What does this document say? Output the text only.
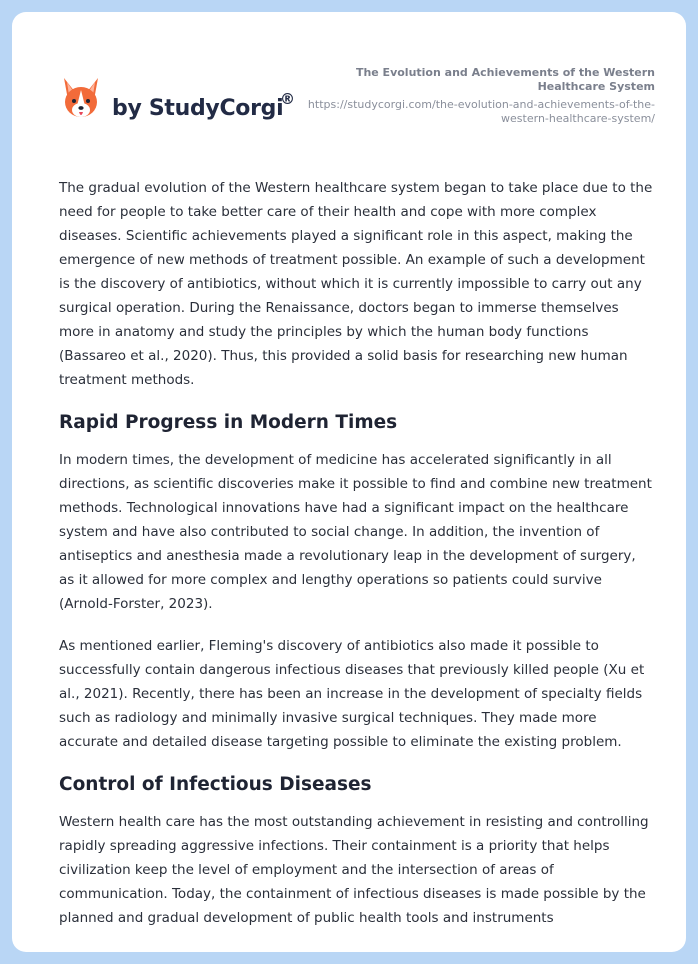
by StudyCorgi
®
The Evolution and Achievements of the Western Healthcare System
https://studycorgi.com/the-evolution-and-achievements-of-the-western-healthcare-system/

The gradual evolution of the Western healthcare system began to take place due to the need for people to take better care of their health and cope with more complex diseases. Scientific achievements played a significant role in this aspect, making the emergence of new methods of treatment possible. An example of such a development is the discovery of antibiotics, without which it is currently impossible to carry out any surgical operation. During the Renaissance, doctors began to immerse themselves more in anatomy and study the principles by which the human body functions (Bassareo et al., 2020). Thus, this provided a solid basis for researching new human treatment methods.

Rapid Progress in Modern Times

In modern times, the development of medicine has accelerated significantly in all directions, as scientific discoveries make it possible to find and combine new treatment methods. Technological innovations have had a significant impact on the healthcare system and have also contributed to social change. In addition, the invention of antiseptics and anesthesia made a revolutionary leap in the development of surgery, as it allowed for more complex and lengthy operations so patients could survive (Arnold-Forster, 2023).

As mentioned earlier, Fleming's discovery of antibiotics also made it possible to successfully contain dangerous infectious diseases that previously killed people (Xu et al., 2021). Recently, there has been an increase in the development of specialty fields such as radiology and minimally invasive surgical techniques. They made more accurate and detailed disease targeting possible to eliminate the existing problem.

Control of Infectious Diseases

Western health care has the most outstanding achievement in resisting and controlling rapidly spreading aggressive infections. Their containment is a priority that helps civilization keep the level of employment and the intersection of areas of communication. Today, the containment of infectious diseases is made possible by the planned and gradual development of public health tools and instruments
